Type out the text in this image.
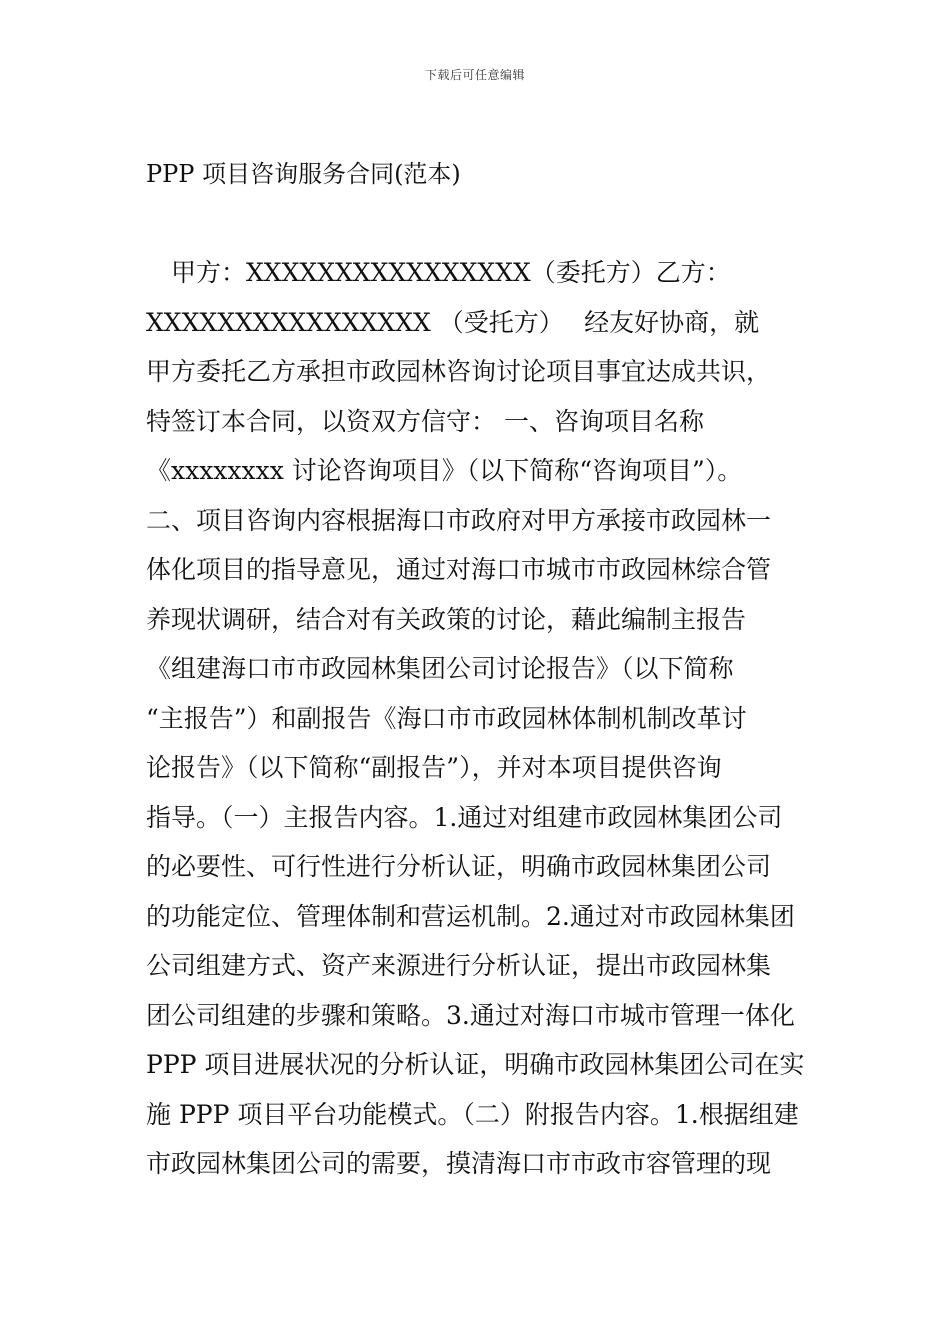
下载后可任意编辑
PPP 项目咨询服务合同(范本)
　甲方：XXXXXXXXXXXXXXXX（委托方）乙方：
XXXXXXXXXXXXXXXX （受托方）　 经友好协商，就
甲方委托乙方承担市政园林咨询讨论项目事宜达成共识，
特签订本合同，以资双方信守： 一、咨询项目名称
《xxxxxxxx 讨论咨询项目》（以下简称“咨询项目”）。
二、项目咨询内容根据海口市政府对甲方承接市政园林一
体化项目的指导意见，通过对海口市城市市政园林综合管
养现状调研，结合对有关政策的讨论，藉此编制主报告
《组建海口市市政园林集团公司讨论报告》（以下简称
“主报告”）和副报告《海口市市政园林体制机制改革讨
论报告》（以下简称“副报告”），并对本项目提供咨询
指导。（一）主报告内容。1.通过对组建市政园林集团公司
的必要性、可行性进行分析认证，明确市政园林集团公司
的功能定位、管理体制和营运机制。2.通过对市政园林集团
公司组建方式、资产来源进行分析认证，提出市政园林集
团公司组建的步骤和策略。3.通过对海口市城市管理一体化
PPP 项目进展状况的分析认证，明确市政园林集团公司在实
施 PPP 项目平台功能模式。（二）附报告内容。1.根据组建
市政园林集团公司的需要，摸清海口市市政市容管理的现
